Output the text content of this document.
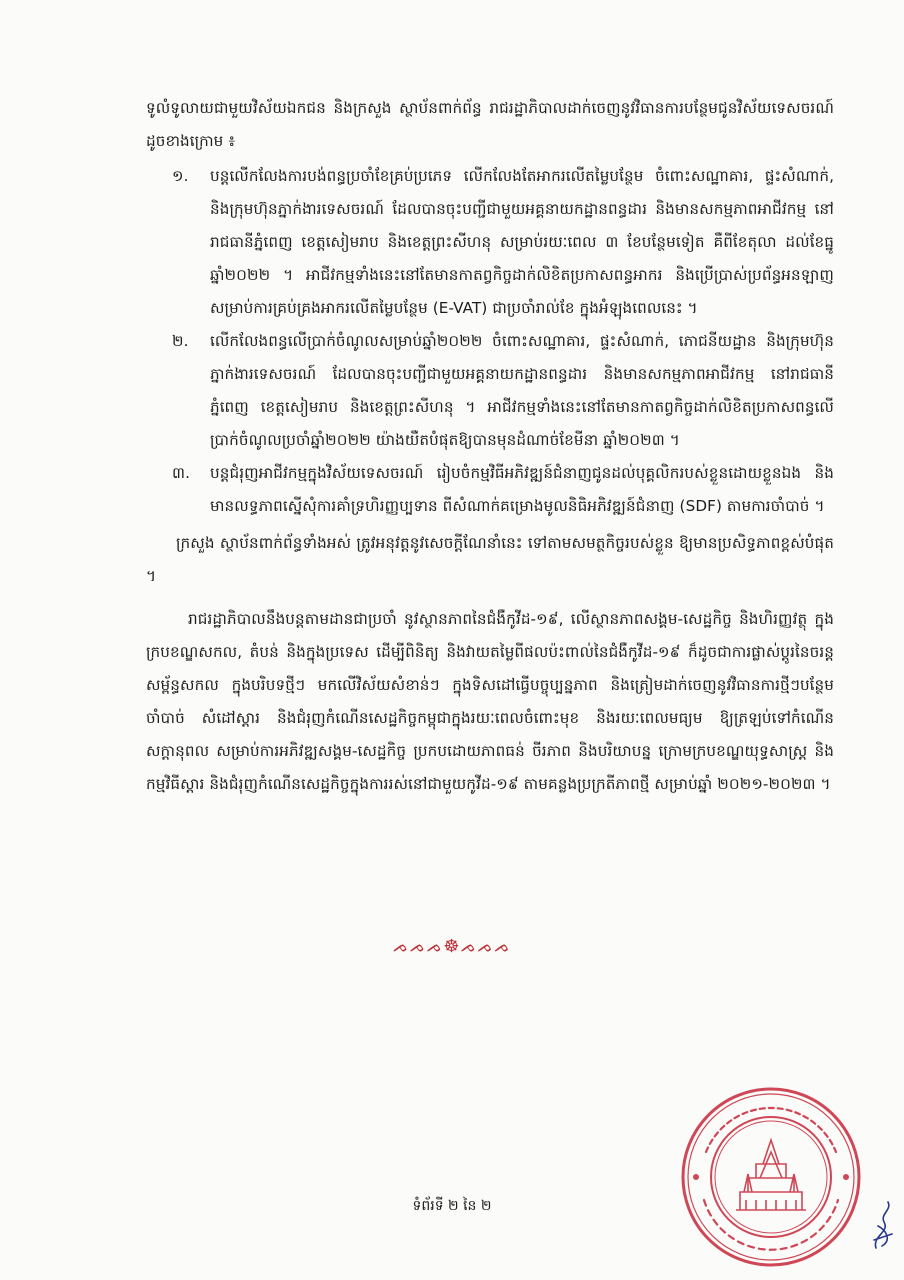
ទូលំទូលាយជាមួយវិស័យឯកជន និងក្រសួង ស្ថាប័នពាក់ព័ន្ធ រាជរដ្ឋាភិបាលដាក់ចេញនូវវិធានការបន្ថែមជូនវិស័យទេសចរណ៍ ដូចខាងក្រោម ៖

១.	បន្តលើកលែងការបង់ពន្ធប្រចាំខែគ្រប់ប្រភេទ លើកលែងតែអាករលើតម្លៃបន្ថែម ចំពោះសណ្ឋាគារ, ផ្ទះសំណាក់, និងក្រុមហ៊ុនភ្នាក់ងារទេសចរណ៍ ដែលបានចុះបញ្ជីជាមួយអគ្គនាយកដ្ឋានពន្ធដារ និងមានសកម្មភាពអាជីវកម្ម នៅរាជធានីភ្នំពេញ ខេត្តសៀមរាប និងខេត្តព្រះសីហនុ សម្រាប់រយៈពេល ៣ ខែបន្ថែមទៀត គឺពីខែតុលា ដល់ខែធ្នូ ឆ្នាំ២០២២ ។ អាជីវកម្មទាំងនេះនៅតែមានកាតព្វកិច្ចដាក់លិខិតប្រកាសពន្ធអាករ និងប្រើប្រាស់ប្រព័ន្ធអនឡាញ សម្រាប់ការគ្រប់គ្រងអាករលើតម្លៃបន្ថែម (E-VAT) ជាប្រចាំរាល់ខែ ក្នុងអំឡុងពេលនេះ ។
២.	លើកលែងពន្ធលើប្រាក់ចំណូលសម្រាប់ឆ្នាំ២០២២ ចំពោះសណ្ឋាគារ, ផ្ទះសំណាក់, ភោជនីយដ្ឋាន និងក្រុមហ៊ុនភ្នាក់ងារទេសចរណ៍ ដែលបានចុះបញ្ជីជាមួយអគ្គនាយកដ្ឋានពន្ធដារ និងមានសកម្មភាពអាជីវកម្ម នៅរាជធានីភ្នំពេញ ខេត្តសៀមរាប និងខេត្តព្រះសីហនុ ។ អាជីវកម្មទាំងនេះនៅតែមានកាតព្វកិច្ចដាក់លិខិតប្រកាសពន្ធលើប្រាក់ចំណូលប្រចាំឆ្នាំ២០២២ យ៉ាងយឺតបំផុតឱ្យបានមុនដំណាច់ខែមីនា ឆ្នាំ២០២៣ ។
៣.	បន្តជំរុញអាជីវកម្មក្នុងវិស័យទេសចរណ៍ រៀបចំកម្មវិធីអភិវឌ្ឍន៍ជំនាញជូនដល់បុគ្គលិករបស់ខ្លួនដោយខ្លួនឯង និងមានលទ្ធភាពស្នើសុំការគាំទ្រហិរញ្ញប្បទាន ពីសំណាក់គម្រោងមូលនិធិអភិវឌ្ឍន៍ជំនាញ (SDF) តាមការចាំបាច់ ។

ក្រសួង ស្ថាប័នពាក់ព័ន្ធទាំងអស់ ត្រូវអនុវត្តនូវសេចក្តីណែនាំនេះ ទៅតាមសមត្ថកិច្ចរបស់ខ្លួន ឱ្យមានប្រសិទ្ធភាពខ្ពស់បំផុត ។

រាជរដ្ឋាភិបាលនឹងបន្តតាមដានជាប្រចាំ នូវស្ថានភាពនៃជំងឺកូវីដ-១៩, លើស្ថានភាពសង្គម-សេដ្ឋកិច្ច និងហិរញ្ញវត្ថុ ក្នុងក្របខណ្ឌសកល, តំបន់ និងក្នុងប្រទេស ដើម្បីពិនិត្យ និងវាយតម្លៃពីផលប៉ះពាល់នៃជំងឺកូវីដ-១៩ ក៏ដូចជាការផ្លាស់ប្តូរនៃចរន្តសម្ព័ន្ធសកល ក្នុងបរិបទថ្មីៗ មកលើវិស័យសំខាន់ៗ ក្នុងទិសដៅធ្វើបច្ចុប្បន្នភាព និងត្រៀមដាក់ចេញនូវវិធានការថ្មីៗបន្ថែមចាំបាច់ សំដៅស្តារ និងជំរុញកំណើនសេដ្ឋកិច្ចកម្ពុជាក្នុងរយៈពេលចំពោះមុខ និងរយៈពេលមធ្យម ឱ្យត្រឡប់ទៅកំណើនសក្តានុពល សម្រាប់ការអភិវឌ្ឍសង្គម-សេដ្ឋកិច្ច ប្រកបដោយភាពធន់ ចីរភាព និងបរិយាបន្ន ក្រោមក្របខណ្ឌយុទ្ធសាស្ត្រ និងកម្មវិធីស្តារ និងជំរុញកំណើនសេដ្ឋកិច្ចក្នុងការរស់នៅជាមួយកូវីដ-១៩ តាមគន្លងប្រក្រតីភាពថ្មី សម្រាប់ឆ្នាំ ២០២១-២០២៣ ។

ᨍᨍᨍ☸ᨍᨍᨍ
ទំព័រទី ២ នៃ ២
